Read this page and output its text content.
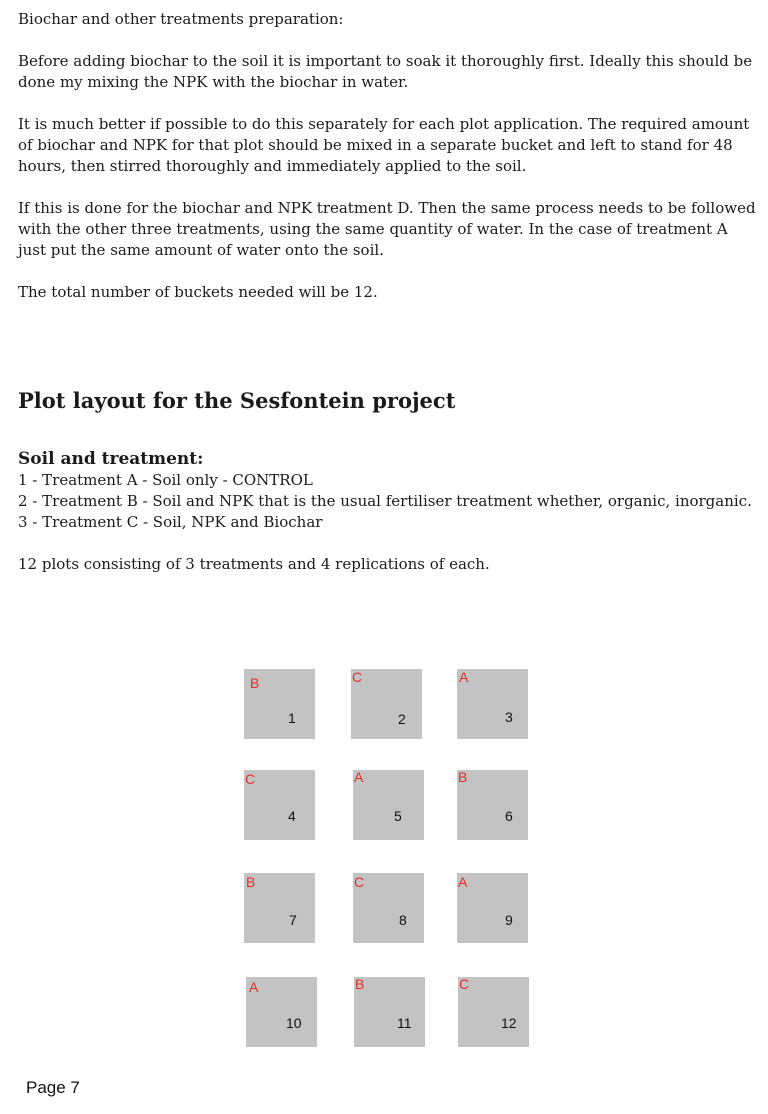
Biochar and other treatments preparation:

Before adding biochar to the soil it is important to soak it thoroughly first. Ideally this should be done my mixing the NPK with the biochar in water.

It is much better if possible to do this separately for each plot application. The required amount of biochar and NPK for that plot should be mixed in a separate bucket and left to stand for 48 hours, then stirred thoroughly and immediately applied to the soil.

If this is done for the biochar and NPK treatment D. Then the same process needs to be followed with the other three treatments, using the same quantity of water. In the case of treatment A just put the same amount of water onto the soil.

The total number of buckets needed will be 12.

Plot layout for the Sesfontein project

Soil and treatment:

1 - Treatment A - Soil only - CONTROL

2 - Treatment B - Soil and NPK that is the usual fertiliser treatment whether, organic, inorganic.

3 - Treatment C - Soil, NPK and Biochar

12 plots consisting of 3 treatments and 4 replications of each.

B
1
C
2
A
3
C
4
A
5
B
6
B
7
C
8
A
9
A
10
B
11
C
12
Page 7
